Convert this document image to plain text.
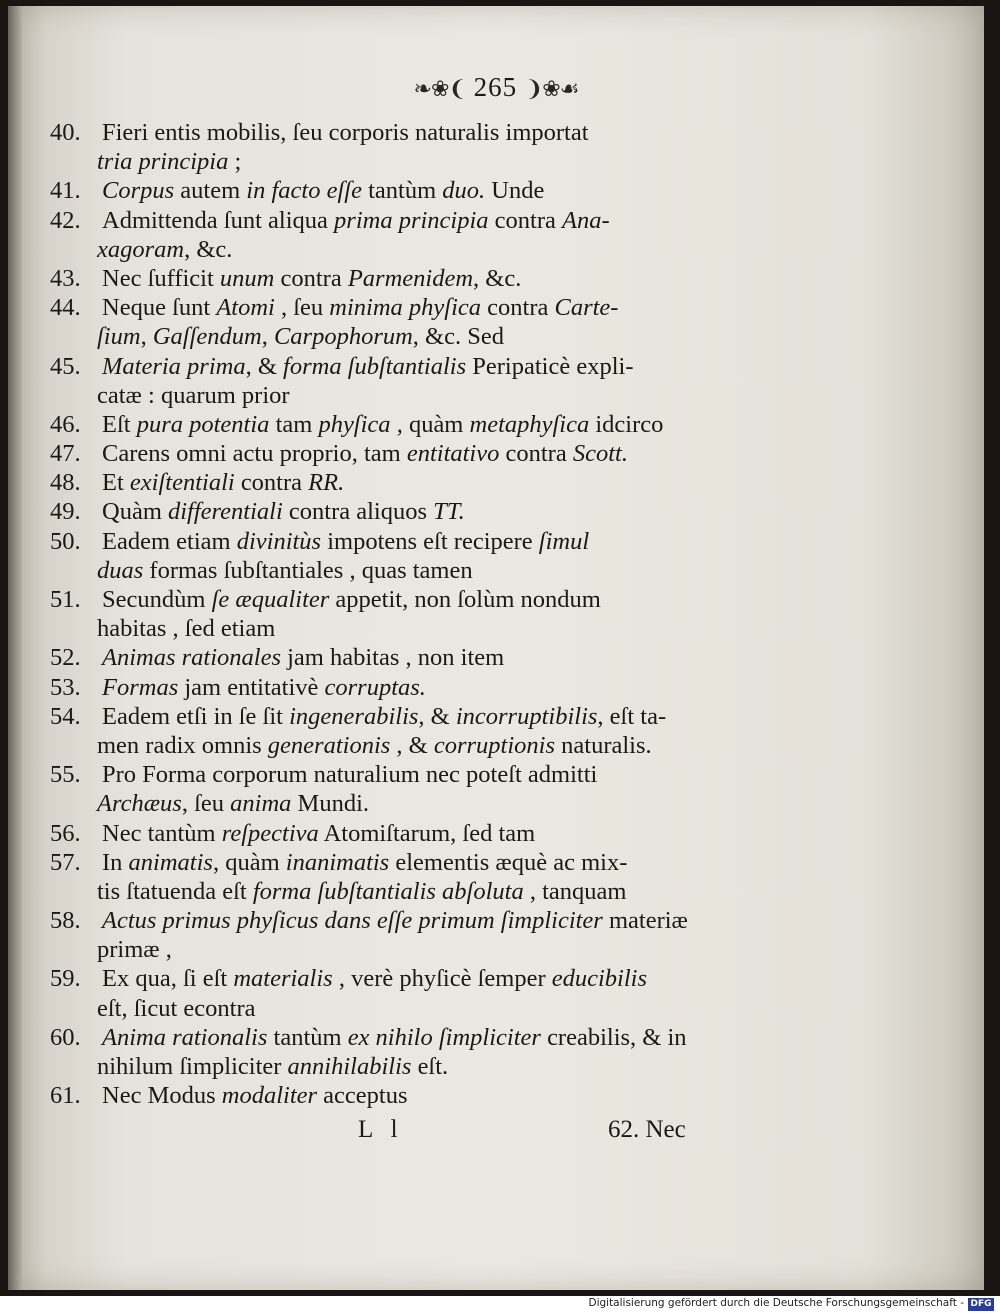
❧❀❨ 265 ❩❀☙
40.Fieri entis mobilis, ſeu corporis naturalis importat
tria principia ;
41.Corpus autem in facto eſſe tantùm duo. Unde
42.Admittenda ſunt aliqua prima principia contra Ana-
xagoram, &c.
43.Nec ſufficit unum contra Parmenidem, &c.
44.Neque ſunt Atomi , ſeu minima phyſica contra Carte-
ſium, Gaſſendum, Carpophorum, &c. Sed
45.Materia prima, & forma ſubſtantialis Peripaticè expli-
catæ : quarum prior
46.Eſt pura potentia tam phyſica , quàm metaphyſica idcirco
47.Carens omni actu proprio, tam entitativo contra Scott.
48.Et exiſtentiali contra RR.
49.Quàm differentiali contra aliquos TT.
50.Eadem etiam divinitùs impotens eſt recipere ſimul
duas formas ſubſtantiales , quas tamen
51.Secundùm ſe æqualiter appetit, non ſolùm nondum
habitas , ſed etiam
52.Animas rationales jam habitas , non item
53.Formas jam entitativè corruptas.
54.Eadem etſi in ſe ſit ingenerabilis, & incorruptibilis, eſt ta-
men radix omnis generationis , & corruptionis naturalis.
55.Pro Forma corporum naturalium nec poteſt admitti
Archæus, ſeu anima Mundi.
56.Nec tantùm reſpectiva Atomiſtarum, ſed tam
57.In animatis, quàm inanimatis elementis æquè ac mix-
tis ſtatuenda eſt forma ſubſtantialis abſoluta , tanquam
58.Actus primus phyſicus dans eſſe primum ſimpliciter materiæ
primæ ,
59.Ex qua, ſi eſt materialis , verè phyſicè ſemper educibilis
eſt, ſicut econtra
60.Anima rationalis tantùm ex nihilo ſimpliciter creabilis, & in
nihilum ſimpliciter annihilabilis eſt.
61.Nec Modus modaliter acceptus
L l	62. Nec
Digitalisierung gefördert durch die Deutsche Forschungsgemeinschaft - DFG
